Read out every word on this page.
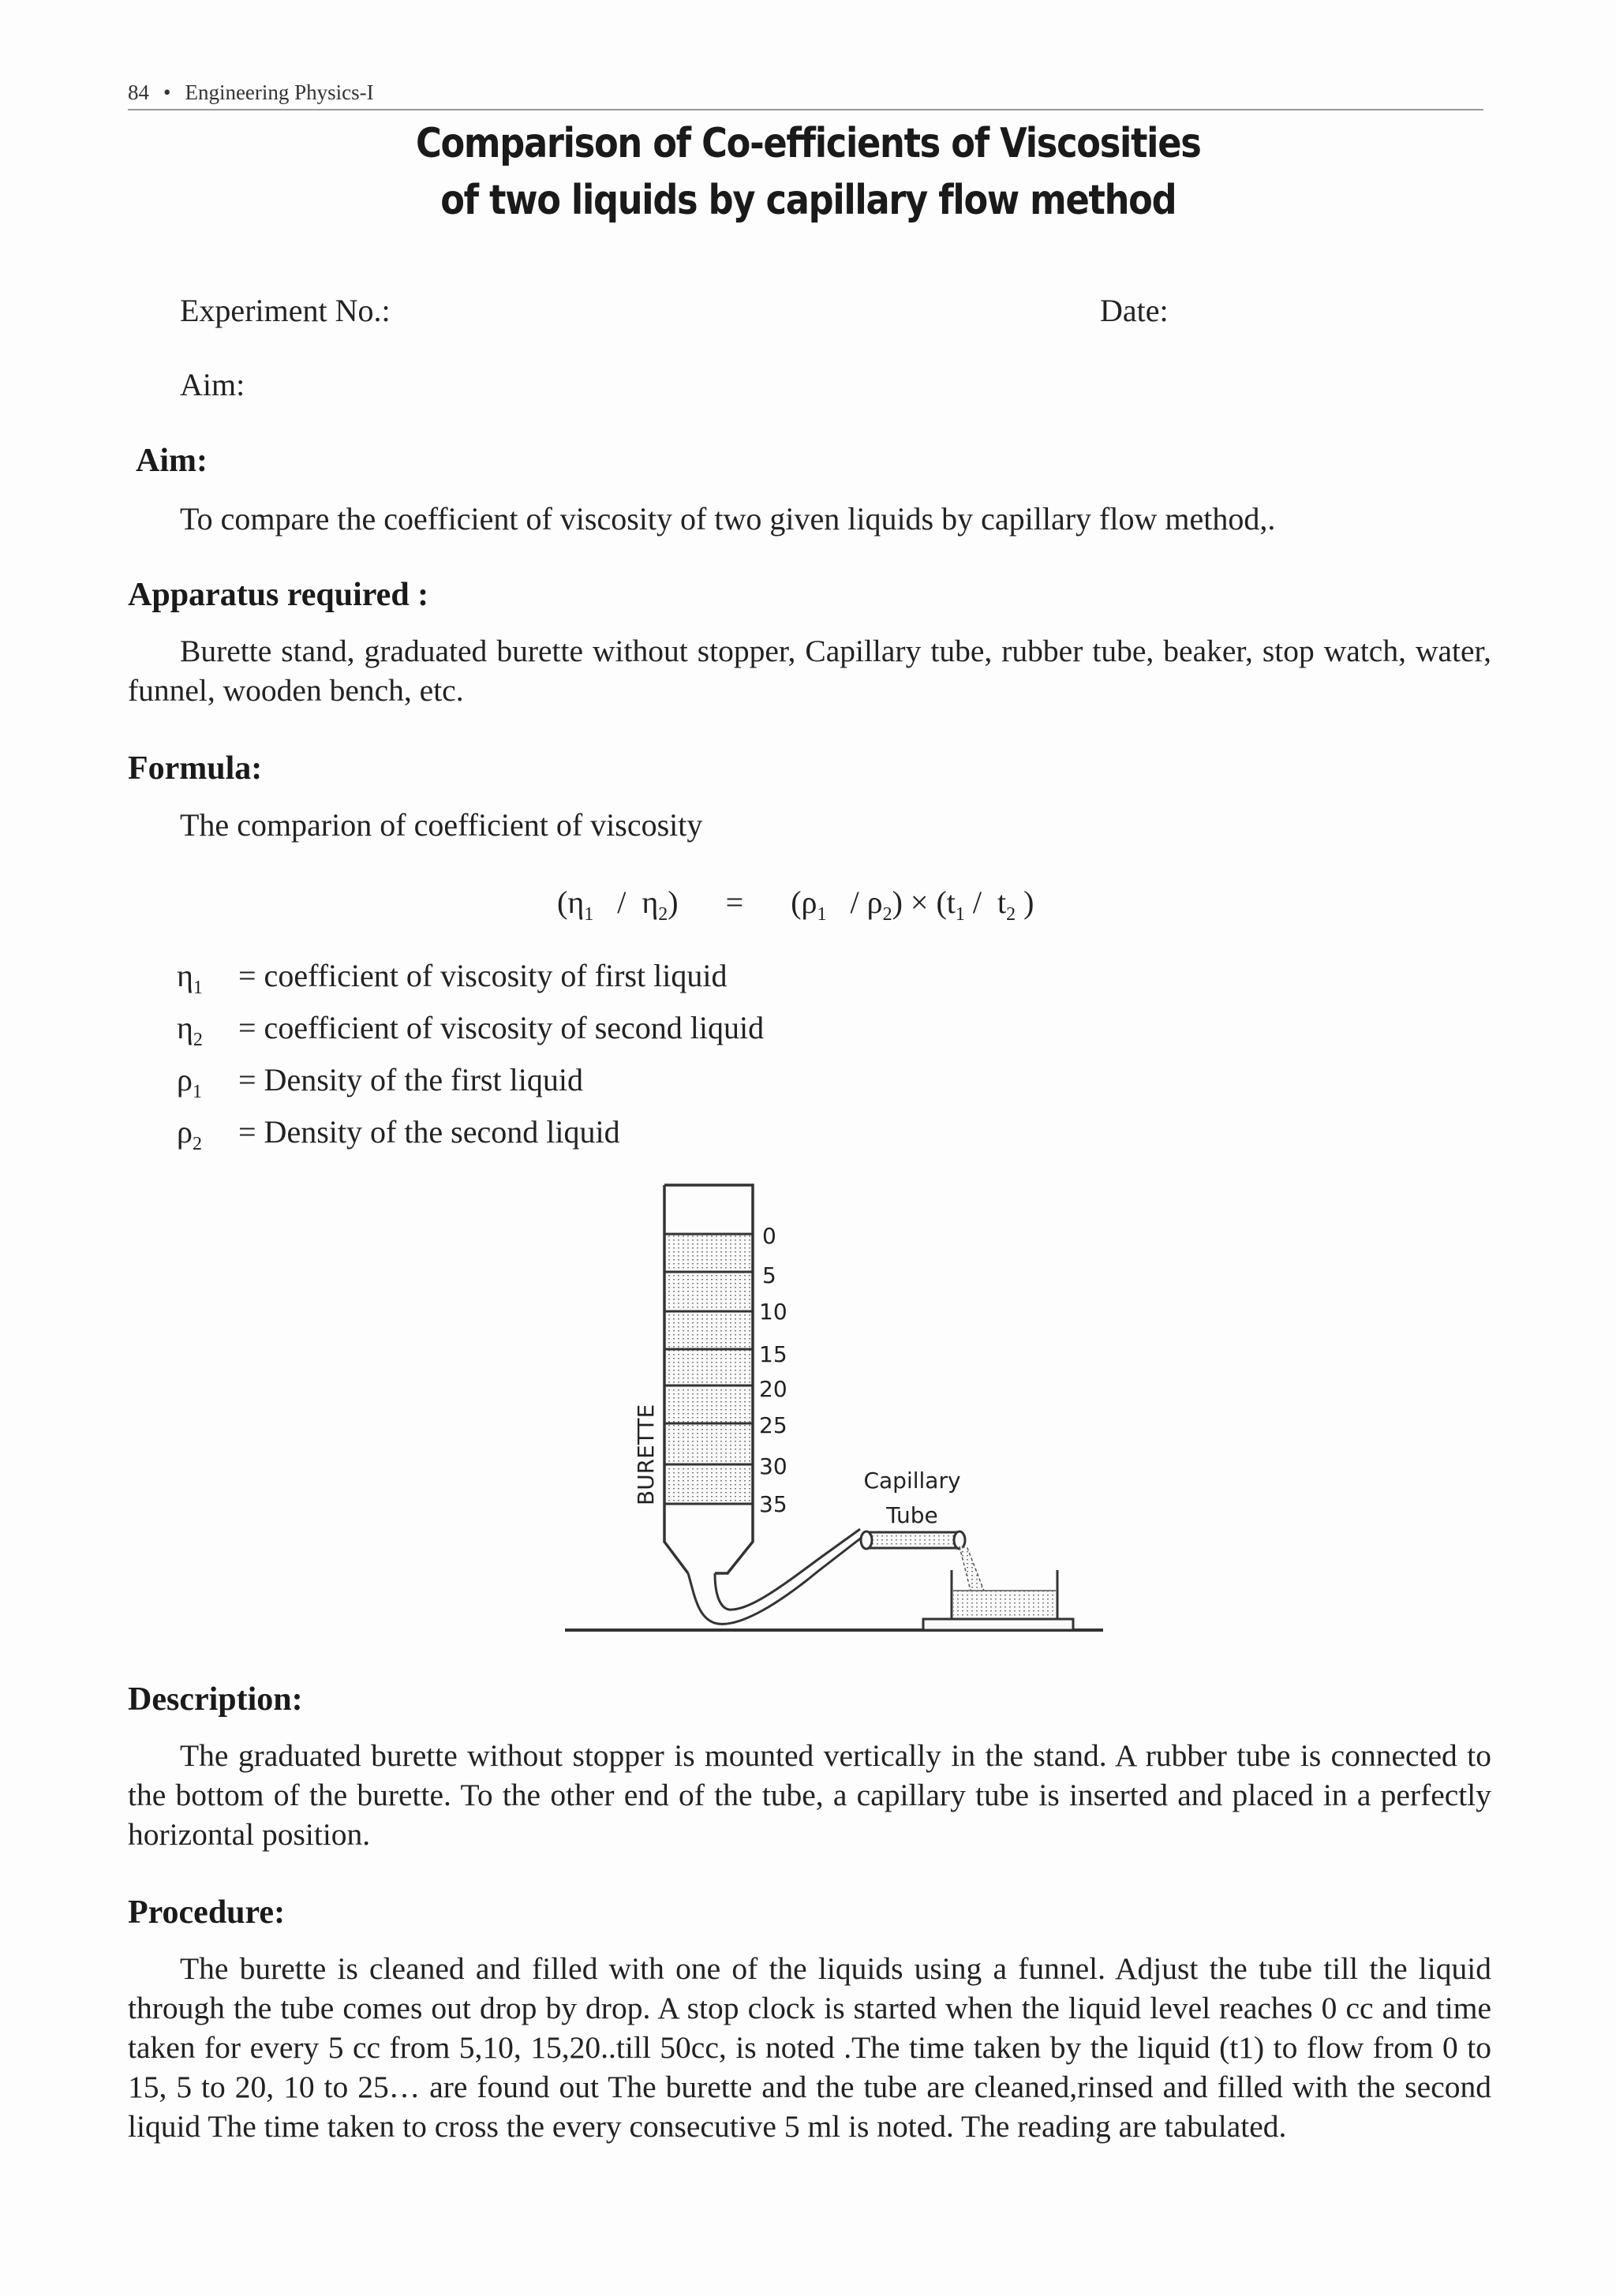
84 • Engineering Physics-I
Comparison of Co-efficients of Viscosities
of two liquids by capillary flow method
Experiment No.:	Date:
Aim:
Aim:
To compare the coefficient of viscosity of two given liquids by capillary flow method,.
Apparatus required :
Burette stand, graduated burette without stopper, Capillary tube, rubber tube, beaker, stop watch, water, funnel, wooden bench, etc.
Formula:
The comparion of coefficient of viscosity
$(\eta_1 / \eta_2) = (\rho_1 / \rho_2) \times (t_1 / t_2$ )
$\eta_1$ = coefficient of viscosity of first liquid
$\eta_2$ = coefficient of viscosity of second liquid
$\rho_1$ = Density of the first liquid
$\rho_2$ = Density of the second liquid
0
5
10
15
20
25
30
35
BURETTE	Capillary
Tube
Description:
The graduated burette without stopper is mounted vertically in the stand. A rubber tube is connected to the bottom of the burette. To the other end of the tube, a capillary tube is inserted and placed in a perfectly horizontal position.
Procedure:
The burette is cleaned and filled with one of the liquids using a funnel. Adjust the tube till the liquid through the tube comes out drop by drop. A stop clock is started when the liquid level reaches 0 cc and time taken for every 5 cc from 5,10, 15,20..till 50cc, is noted .The time taken by the liquid (t1) to flow from 0 to 15, 5 to 20, 10 to 25… are found out The burette and the tube are cleaned,rinsed and filled with the second liquid The time taken to cross the every consecutive 5 ml is noted. The reading are tabulated.
